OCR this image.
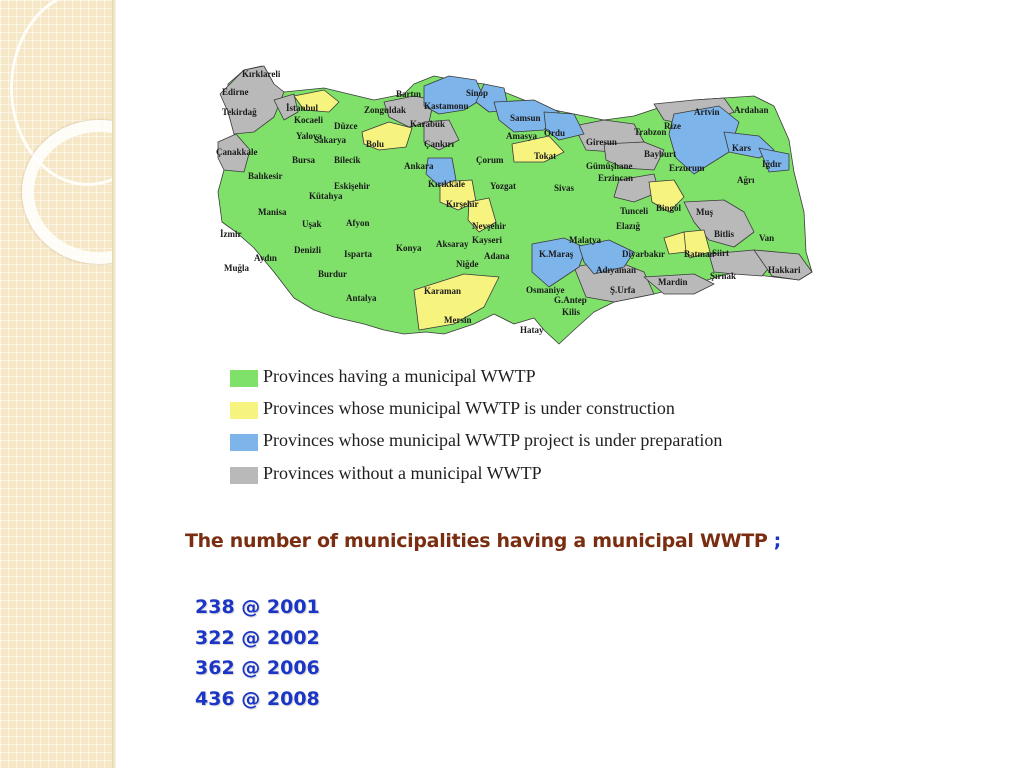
Kırklareli
Edirne
Tekirdağ	İstanbul
Kocaeli
Yalova
Sakarya
Düzce
Zonguldak
Bartın
Kastamonu
Sinop
Karabük
Bolu	Çankırı
Samsun
Amasya Ordu
Giresun
Trabzon
Rize
Artvin Ardahan
Çanakkale
Bursa Bilecik
Balıkesir
Eskişehir
Ankara
Kırıkkale
Çorum	Tokat
Gümüşhane
Bayburt
Erzurum
Kars
Iğdır
Kütahya
Manisa
İzmir
Uşak	Afyon
Denizli
Aydın	Isparta
Burdur
Konya
Kırşehir
Nevşehir
Yozgat	Sivas
Erzincan
Tunceli
Elazığ
Bingöl Muş
Ağrı
Bitlis	Van
Aksaray Kayseri
Niğde
Malatya
K.Maraş
Adıyaman
Diyarbakır Batman
Siirt
Şırnak
Hakkari
Muğla
Antalya
Karaman
Mersin
Adana
Osmaniye
G.Antep
Kilis
Hatay
Ş.Urfa
Mardin
Provinces having a municipal WWTP
Provinces whose municipal WWTP is under construction
Provinces whose municipal WWTP project is under preparation
Provinces without a municipal WWTP
The number of municipalities having a municipal WWTP ;
238 @ 2001
322 @ 2002
362 @ 2006
436 @ 2008
